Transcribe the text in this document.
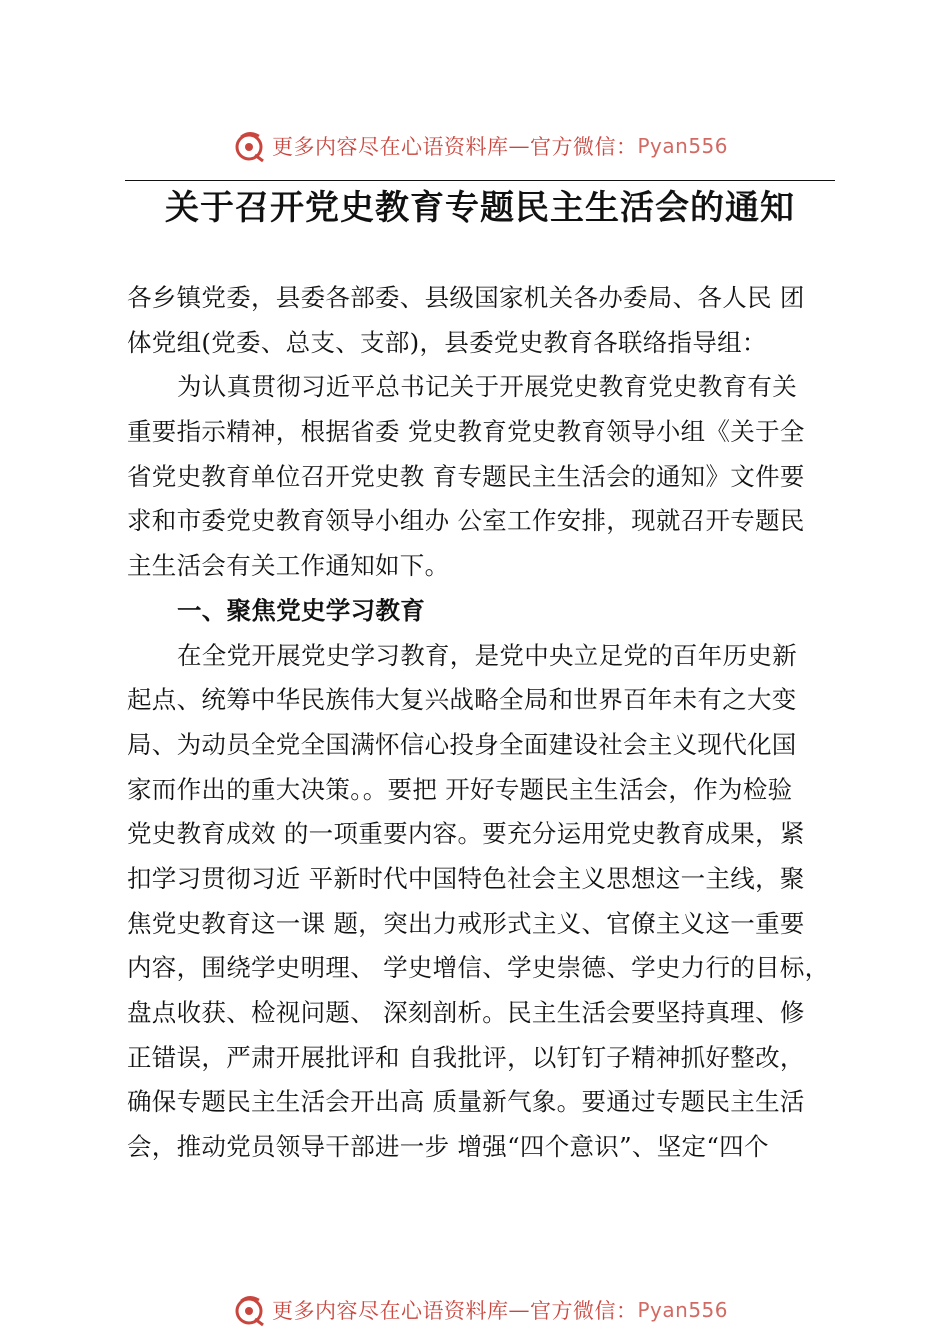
更多内容尽在心语资料库 — 官方微信： Pyan556
关于召开党史教育专题民主生活会的通知
各乡镇党委，县委各部委、县级国家机关各办委局、各人民 团
体党组(党委、总支、支部)，县委党史教育各联络指导组：
为认真贯彻习近平总书记关于开展党史教育党史教育有关
重要指示精神，根据省委 党史教育党史教育领导小组《关于全
省党史教育单位召开党史教 育专题民主生活会的通知》文件要
求和市委党史教育领导小组办 公室工作安排，现就召开专题民
主生活会有关工作通知如下。
一、聚焦党史学习教育
在全党开展党史学习教育，是党中央立足党的百年历史新
起点、统筹中华民族伟大复兴战略全局和世界百年未有之大变
局、为动员全党全国满怀信心投身全面建设社会主义现代化国
家而作出的重大决策。。要把 开好专题民主生活会，作为检验
党史教育成效 的一项重要内容。要充分运用党史教育成果，紧
扣学习贯彻习近 平新时代中国特色社会主义思想这一主线，聚
焦党史教育这一课 题，突出力戒形式主义、官僚主义这一重要
内容，围绕学史明理、 学史增信、学史崇德、学史力行的目标，
盘点收获、检视问题、 深刻剖析。民主生活会要坚持真理、修
正错误，严肃开展批评和 自我批评，以钉钉子精神抓好整改，
确保专题民主生活会开出高 质量新气象。要通过专题民主生活
会，推动党员领导干部进一步 增强“四个意识”、坚定“四个
更多内容尽在心语资料库 — 官方微信： Pyan556
